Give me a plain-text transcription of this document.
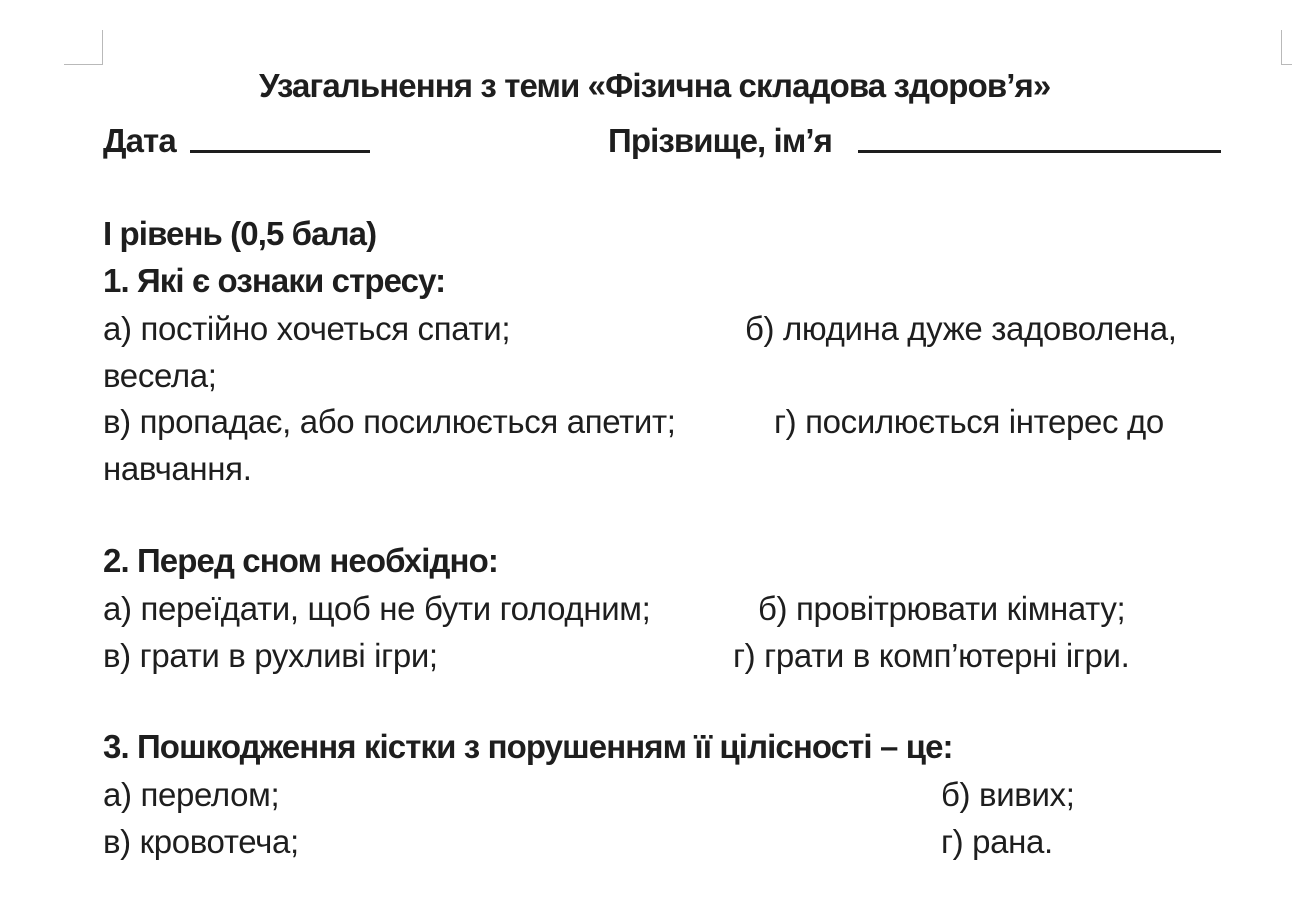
Узагальнення з теми «Фізична складова здоров’я»
Дата	Прізвище, ім’я
І рівень (0,5 бала)
1. Які є ознаки стресу:
а) постійно хочеться спати;	б) людина дуже задоволена,
весела;
в) пропадає, або посилюється апетит;	г) посилюється інтерес до
навчання.
2. Перед сном необхідно:
а) переїдати, щоб не бути голодним;	б) провітрювати кімнату;
в) грати в рухливі ігри;	г) грати в комп’ютерні ігри.
3. Пошкодження кістки з порушенням її цілісності – це:
а) перелом;	б) вивих;
в) кровотеча;	г) рана.
